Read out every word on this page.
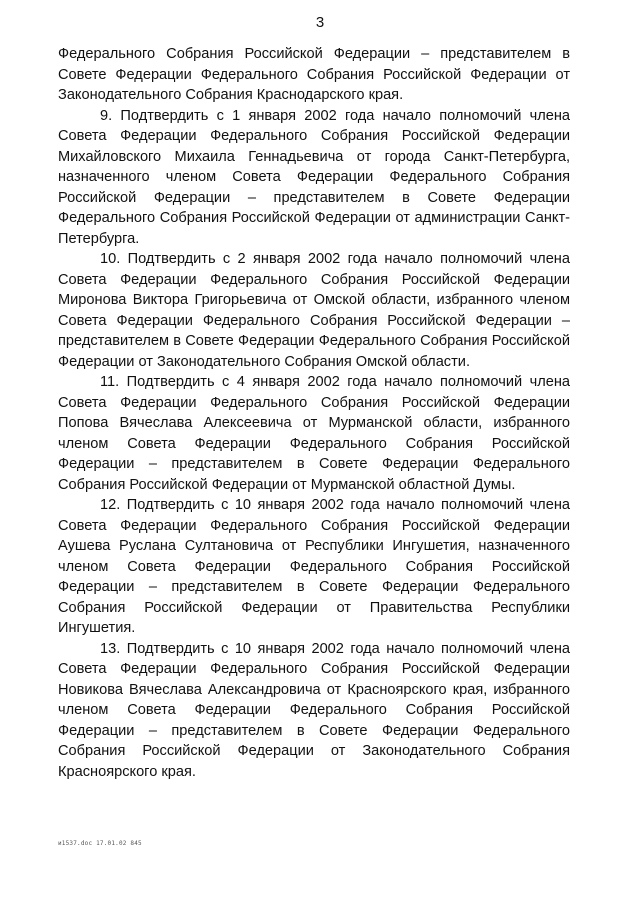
3

Федерального Собрания Российской Федерации – представителем в Совете Федерации Федерального Собрания Российской Федерации от Законодательного Собрания Краснодарского края.

9. Подтвердить с 1 января 2002 года начало полномочий члена Совета Федерации Федерального Собрания Российской Федерации Михайловского Михаила Геннадьевича от города Санкт-Петербурга, назначенного членом Совета Федерации Федерального Собрания Российской Федерации – представителем в Совете Федерации Федерального Собрания Российской Федерации от администрации Санкт-Петербурга.

10. Подтвердить с 2 января 2002 года начало полномочий члена Совета Федерации Федерального Собрания Российской Федерации Миронова Виктора Григорьевича от Омской области, избранного членом Совета Федерации Федерального Собрания Российской Федерации – представителем в Совете Федерации Федерального Собрания Российской Федерации от Законодательного Собрания Омской области.

11. Подтвердить с 4 января 2002 года начало полномочий члена Совета Федерации Федерального Собрания Российской Федерации Попова Вячеслава Алексеевича от Мурманской области, избранного членом Совета Федерации Федерального Собрания Российской Федерации – представителем в Совете Федерации Федерального Собрания Российской Федерации от Мурманской областной Думы.

12. Подтвердить с 10 января 2002 года начало полномочий члена Совета Федерации Федерального Собрания Российской Федерации Аушева Руслана Султановича от Республики Ингушетия, назначенного членом Совета Федерации Федерального Собрания Российской Федерации – представителем в Совете Федерации Федерального Собрания Российской Федерации от Правительства Республики Ингушетия.

13. Подтвердить с 10 января 2002 года начало полномочий члена Совета Федерации Федерального Собрания Российской Федерации Новикова Вячеслава Александровича от Красноярского края, избранного членом Совета Федерации Федерального Собрания Российской Федерации – представителем в Совете Федерации Федерального Собрания Российской Федерации от Законодательного Собрания Красноярского края.

и1537.doc 17.01.02 845
